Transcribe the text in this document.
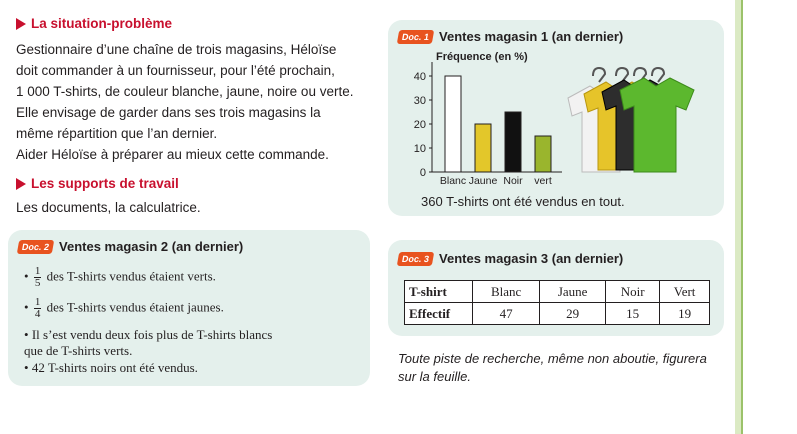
La situation-problème
Gestionnaire d’une chaîne de trois magasins, Héloïse
doit commander à un fournisseur, pour l’été prochain,
1 000 T-shirts, de couleur blanche, jaune, noire ou verte.
Elle envisage de garder dans ses trois magasins la
même répartition que l’an dernier.
Aider Héloïse à préparer au mieux cette commande.
Les supports de travail
Les documents, la calculatrice.
Doc. 2 Ventes magasin 2 (an dernier)
• $\frac{1}{5}$ des T-shirts vendus étaient verts.
• $\frac{1}{4}$ des T-shirts vendus étaient jaunes.
• Il s’est vendu deux fois plus de T-shirts blancs
que de T-shirts verts.
• 42 T-shirts noirs ont été vendus.
Doc. 1 Ventes magasin 1 (an dernier)
Fréquence (en %)
0
10
20
30
40
Blanc Jaune Noir vert
360 T-shirts ont été vendus en tout.
Doc. 3 Ventes magasin 3 (an dernier)
T-shirt	Blanc	Jaune	Noir	Vert
Effectif	47	29	15	19
Toute piste de recherche, même non aboutie, figurera
sur la feuille.
